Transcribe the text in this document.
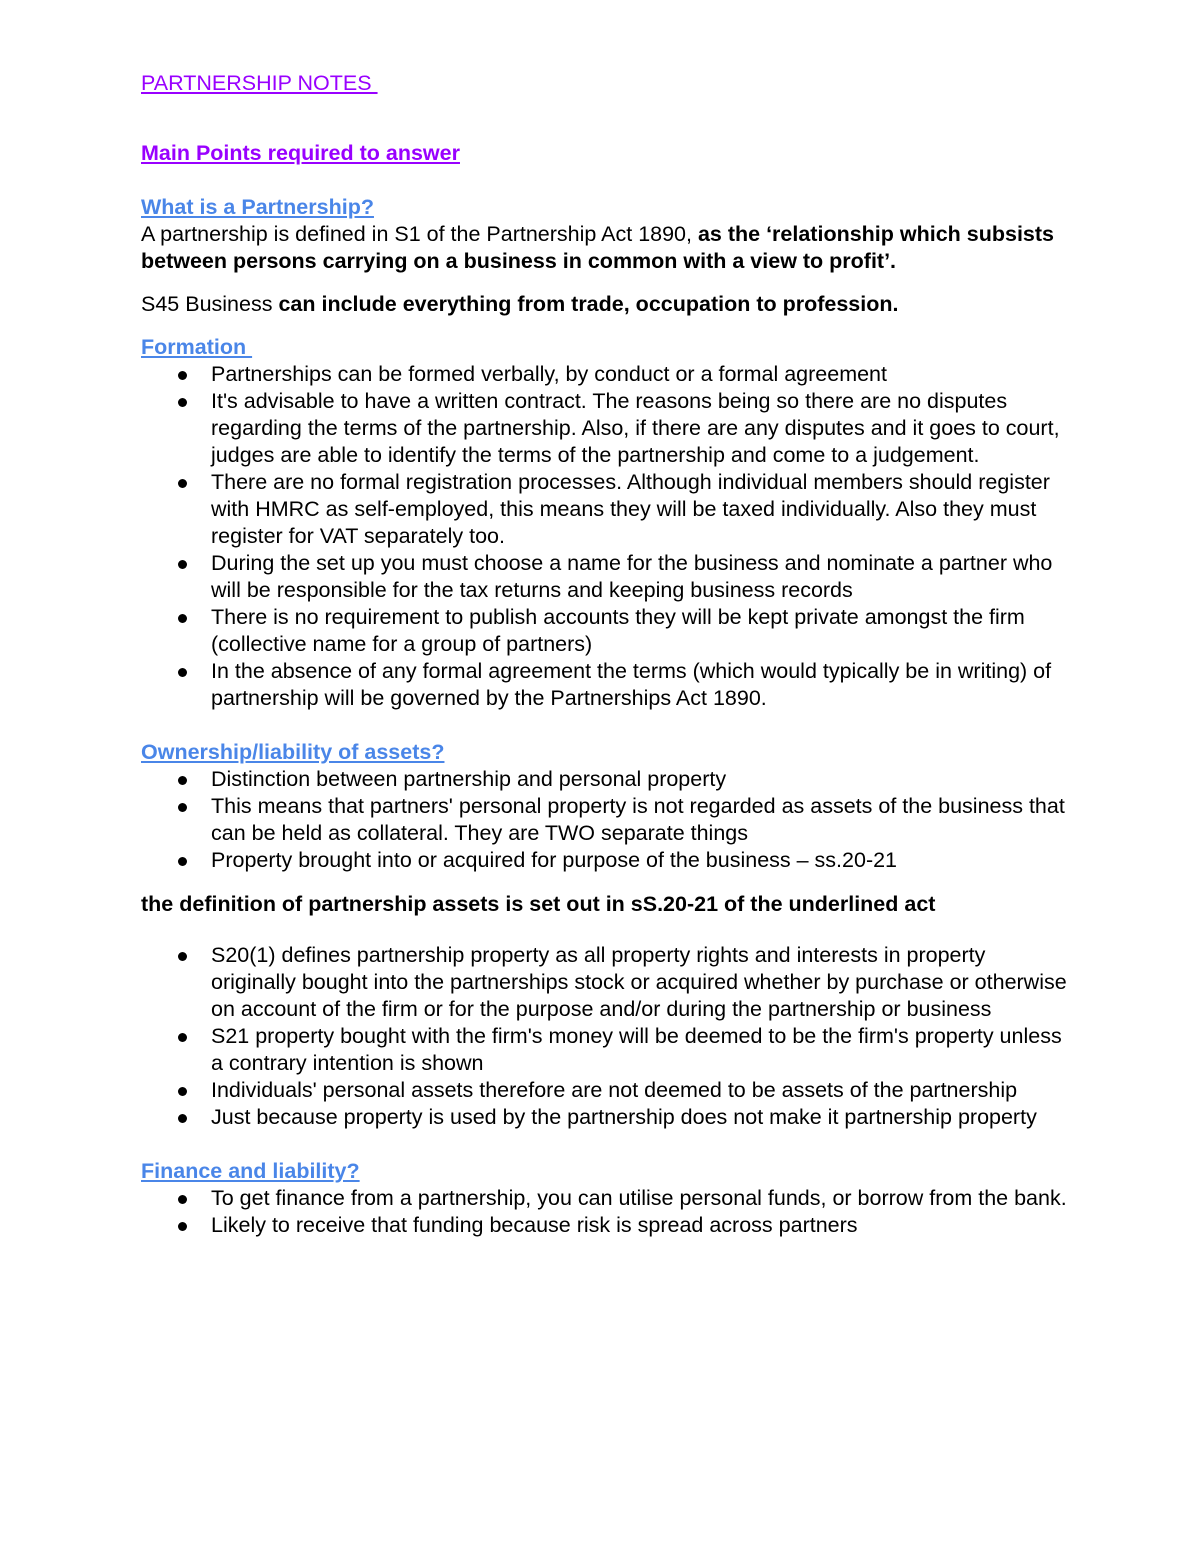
PARTNERSHIP NOTES
Main Points required to answer
What is a Partnership?

A partnership is defined in S1 of the Partnership Act 1890, as the ‘relationship which subsists between persons carrying on a business in common with a view to profit’.

S45 Business can include everything from trade, occupation to profession.

Formation
Partnerships can be formed verbally, by conduct or a formal agreement
It's advisable to have a written contract. The reasons being so there are no disputes regarding the terms of the partnership. Also, if there are any disputes and it goes to court, judges are able to identify the terms of the partnership and come to a judgement.
There are no formal registration processes. Although individual members should register with HMRC as self-employed, this means they will be taxed individually. Also they must register for VAT separately too.
During the set up you must choose a name for the business and nominate a partner who will be responsible for the tax returns and keeping business records
There is no requirement to publish accounts they will be kept private amongst the firm (collective name for a group of partners)
In the absence of any formal agreement the terms (which would typically be in writing) of partnership will be governed by the Partnerships Act 1890.
Ownership/liability of assets?
Distinction between partnership and personal property
This means that partners' personal property is not regarded as assets of the business that can be held as collateral. They are TWO separate things
Property brought into or acquired for purpose of the business – ss.20-21

the definition of partnership assets is set out in sS.20-21 of the underlined act

S20(1) defines partnership property as all property rights and interests in property originally bought into the partnerships stock or acquired whether by purchase or otherwise on account of the firm or for the purpose and/or during the partnership or business
S21 property bought with the firm's money will be deemed to be the firm's property unless a contrary intention is shown
Individuals' personal assets therefore are not deemed to be assets of the partnership
Just because property is used by the partnership does not make it partnership property
Finance and liability?
To get finance from a partnership, you can utilise personal funds, or borrow from the bank.
Likely to receive that funding because risk is spread across partners
